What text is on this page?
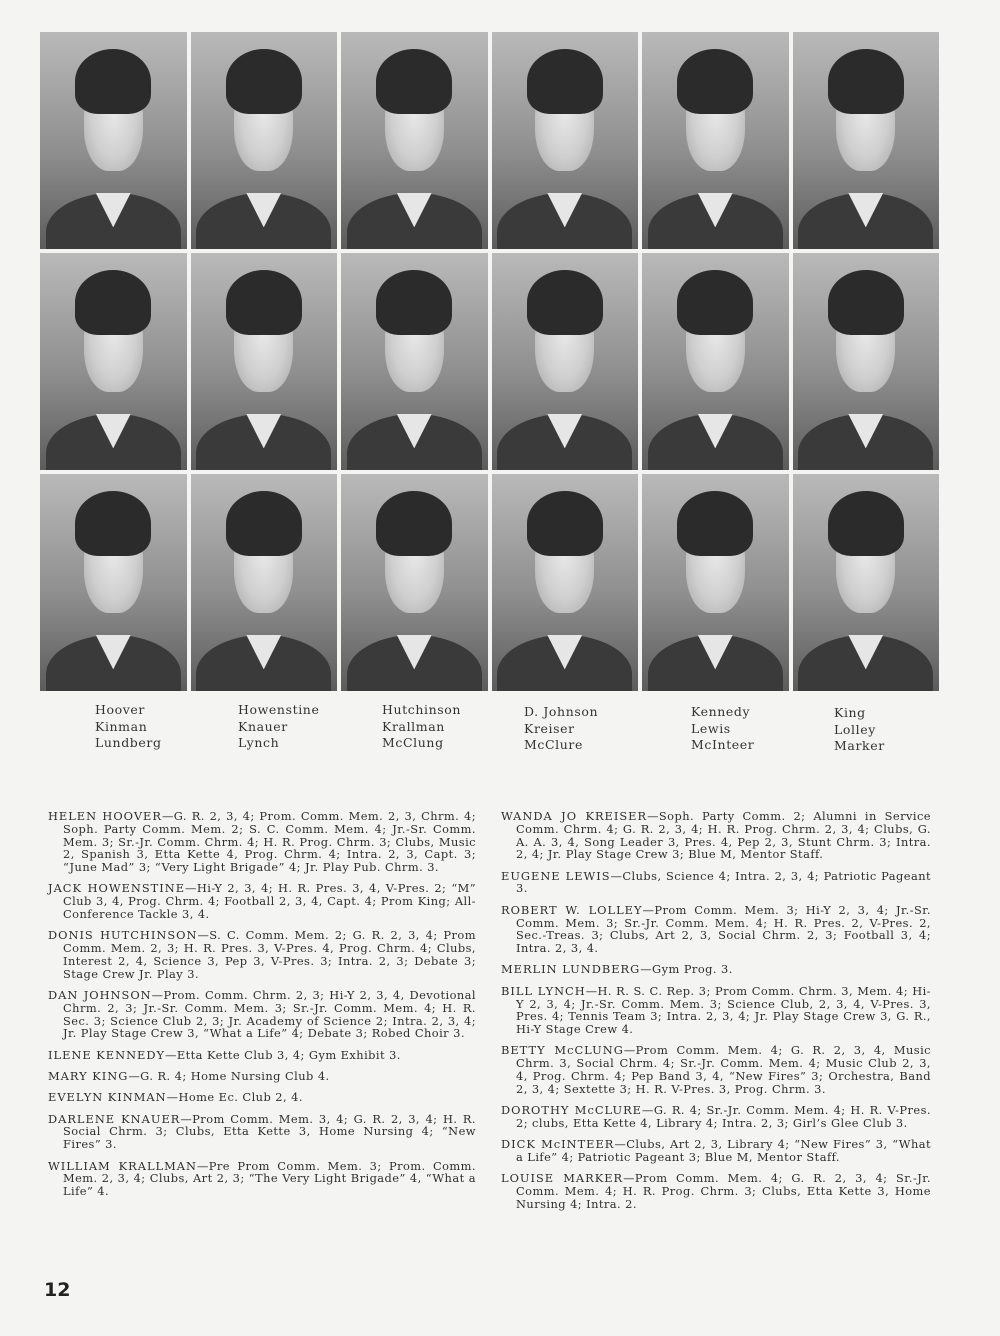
Hoover
Kinman
Lundberg
Howenstine
Knauer
Lynch
Hutchinson
Krallman
McClung
D. Johnson
Kreiser
McClure
Kennedy
Lewis
McInteer
King
Lolley
Marker

HELEN HOOVER—G. R. 2, 3, 4; Prom. Comm. Mem. 2, 3, Chrm. 4; Soph. Party Comm. Mem. 2; S. C. Comm. Mem. 4; Jr.-Sr. Comm. Mem. 3; Sr.-Jr. Comm. Chrm. 4; H. R. Prog. Chrm. 3; Clubs, Music 2, Spanish 3, Etta Kette 4, Prog. Chrm. 4; Intra. 2, 3, Capt. 3; “June Mad” 3; “Very Light Brigade” 4; Jr. Play Pub. Chrm. 3.

JACK HOWENSTINE—Hi-Y 2, 3, 4; H. R. Pres. 3, 4, V-Pres. 2; “M” Club 3, 4, Prog. Chrm. 4; Football 2, 3, 4, Capt. 4; Prom King; All-Conference Tackle 3, 4.

DONIS HUTCHINSON—S. C. Comm. Mem. 2; G. R. 2, 3, 4; Prom Comm. Mem. 2, 3; H. R. Pres. 3, V-Pres. 4, Prog. Chrm. 4; Clubs, Interest 2, 4, Science 3, Pep 3, V-Pres. 3; Intra. 2, 3; Debate 3; Stage Crew Jr. Play 3.

DAN JOHNSON—Prom. Comm. Chrm. 2, 3; Hi-Y 2, 3, 4, Devotional Chrm. 2, 3; Jr.-Sr. Comm. Mem. 3; Sr.-Jr. Comm. Mem. 4; H. R. Sec. 3; Science Club 2, 3; Jr. Academy of Science 2; Intra. 2, 3, 4; Jr. Play Stage Crew 3, “What a Life” 4; Debate 3; Robed Choir 3.

ILENE KENNEDY—Etta Kette Club 3, 4; Gym Exhibit 3.

MARY KING—G. R. 4; Home Nursing Club 4.

EVELYN KINMAN—Home Ec. Club 2, 4.

DARLENE KNAUER—Prom Comm. Mem. 3, 4; G. R. 2, 3, 4; H. R. Social Chrm. 3; Clubs, Etta Kette 3, Home Nursing 4; “New Fires” 3.

WILLIAM KRALLMAN—Pre Prom Comm. Mem. 3; Prom. Comm. Mem. 2, 3, 4; Clubs, Art 2, 3; “The Very Light Brigade” 4, “What a Life” 4.

WANDA JO KREISER—Soph. Party Comm. 2; Alumni in Service Comm. Chrm. 4; G. R. 2, 3, 4; H. R. Prog. Chrm. 2, 3, 4; Clubs, G. A. A. 3, 4, Song Leader 3, Pres. 4, Pep 2, 3, Stunt Chrm. 3; Intra. 2, 4; Jr. Play Stage Crew 3; Blue M, Mentor Staff.

EUGENE LEWIS—Clubs, Science 4; Intra. 2, 3, 4; Patriotic Pageant 3.

ROBERT W. LOLLEY—Prom Comm. Mem. 3; Hi-Y 2, 3, 4; Jr.-Sr. Comm. Mem. 3; Sr.-Jr. Comm. Mem. 4; H. R. Pres. 2, V-Pres. 2, Sec.-Treas. 3; Clubs, Art 2, 3, Social Chrm. 2, 3; Football 3, 4; Intra. 2, 3, 4.

MERLIN LUNDBERG—Gym Prog. 3.

BILL LYNCH—H. R. S. C. Rep. 3; Prom Comm. Chrm. 3, Mem. 4; Hi-Y 2, 3, 4; Jr.-Sr. Comm. Mem. 3; Science Club, 2, 3, 4, V-Pres. 3, Pres. 4; Tennis Team 3; Intra. 2, 3, 4; Jr. Play Stage Crew 3, G. R., Hi-Y Stage Crew 4.

BETTY McCLUNG—Prom Comm. Mem. 4; G. R. 2, 3, 4, Music Chrm. 3, Social Chrm. 4; Sr.-Jr. Comm. Mem. 4; Music Club 2, 3, 4, Prog. Chrm. 4; Pep Band 3, 4, “New Fires” 3; Orchestra, Band 2, 3, 4; Sextette 3; H. R. V-Pres. 3, Prog. Chrm. 3.

DOROTHY McCLURE—G. R. 4; Sr.-Jr. Comm. Mem. 4; H. R. V-Pres. 2; clubs, Etta Kette 4, Library 4; Intra. 2, 3; Girl’s Glee Club 3.

DICK McINTEER—Clubs, Art 2, 3, Library 4; “New Fires” 3, “What a Life” 4; Patriotic Pageant 3; Blue M, Mentor Staff.

LOUISE MARKER—Prom Comm. Mem. 4; G. R. 2, 3, 4; Sr.-Jr. Comm. Mem. 4; H. R. Prog. Chrm. 3; Clubs, Etta Kette 3, Home Nursing 4; Intra. 2.

12
